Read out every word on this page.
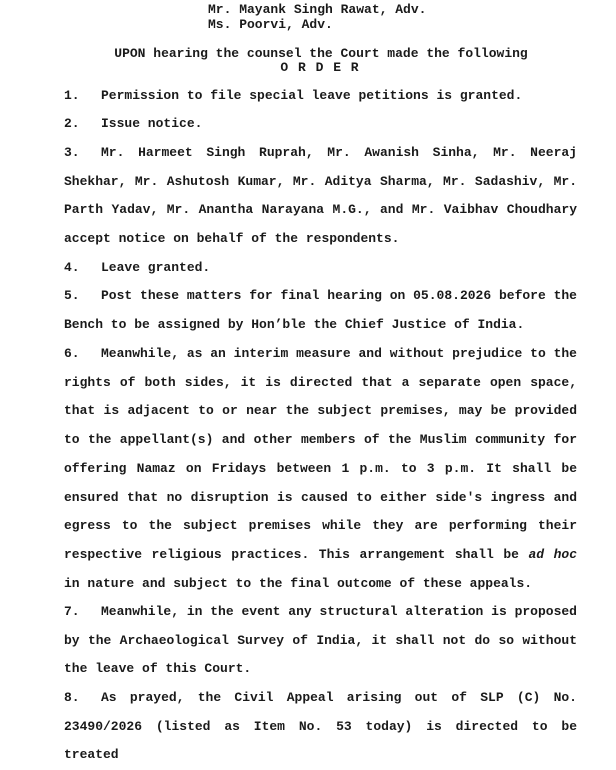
Mr. Mayank Singh Rawat, Adv.
Ms. Poorvi, Adv.
UPON hearing the counsel the Court made the following
O R D E R
1. Permission to file special leave petitions is granted.
2. Issue notice.
3. Mr. Harmeet Singh Ruprah, Mr. Awanish Sinha, Mr. Neeraj Shekhar, Mr. Ashutosh Kumar, Mr. Aditya Sharma, Mr. Sadashiv, Mr. Parth Yadav, Mr. Anantha Narayana M.G., and Mr. Vaibhav Choudhary accept notice on behalf of the respondents.
4. Leave granted.
5. Post these matters for final hearing on 05.08.2026 before the Bench to be assigned by Hon’ble the Chief Justice of India.
6. Meanwhile, as an interim measure and without prejudice to the rights of both sides, it is directed that a separate open space, that is adjacent to or near the subject premises, may be provided to the appellant(s) and other members of the Muslim community for offering Namaz on Fridays between 1 p.m. to 3 p.m. It shall be ensured that no disruption is caused to either side's ingress and egress to the subject premises while they are performing their respective religious practices. This arrangement shall be ad hoc in nature and subject to the final outcome of these appeals.
7. Meanwhile, in the event any structural alteration is proposed by the Archaeological Survey of India, it shall not do so without the leave of this Court.
8. As prayed, the Civil Appeal arising out of SLP (C) No. 23490/2026 (listed as Item No. 53 today) is directed to be treated
